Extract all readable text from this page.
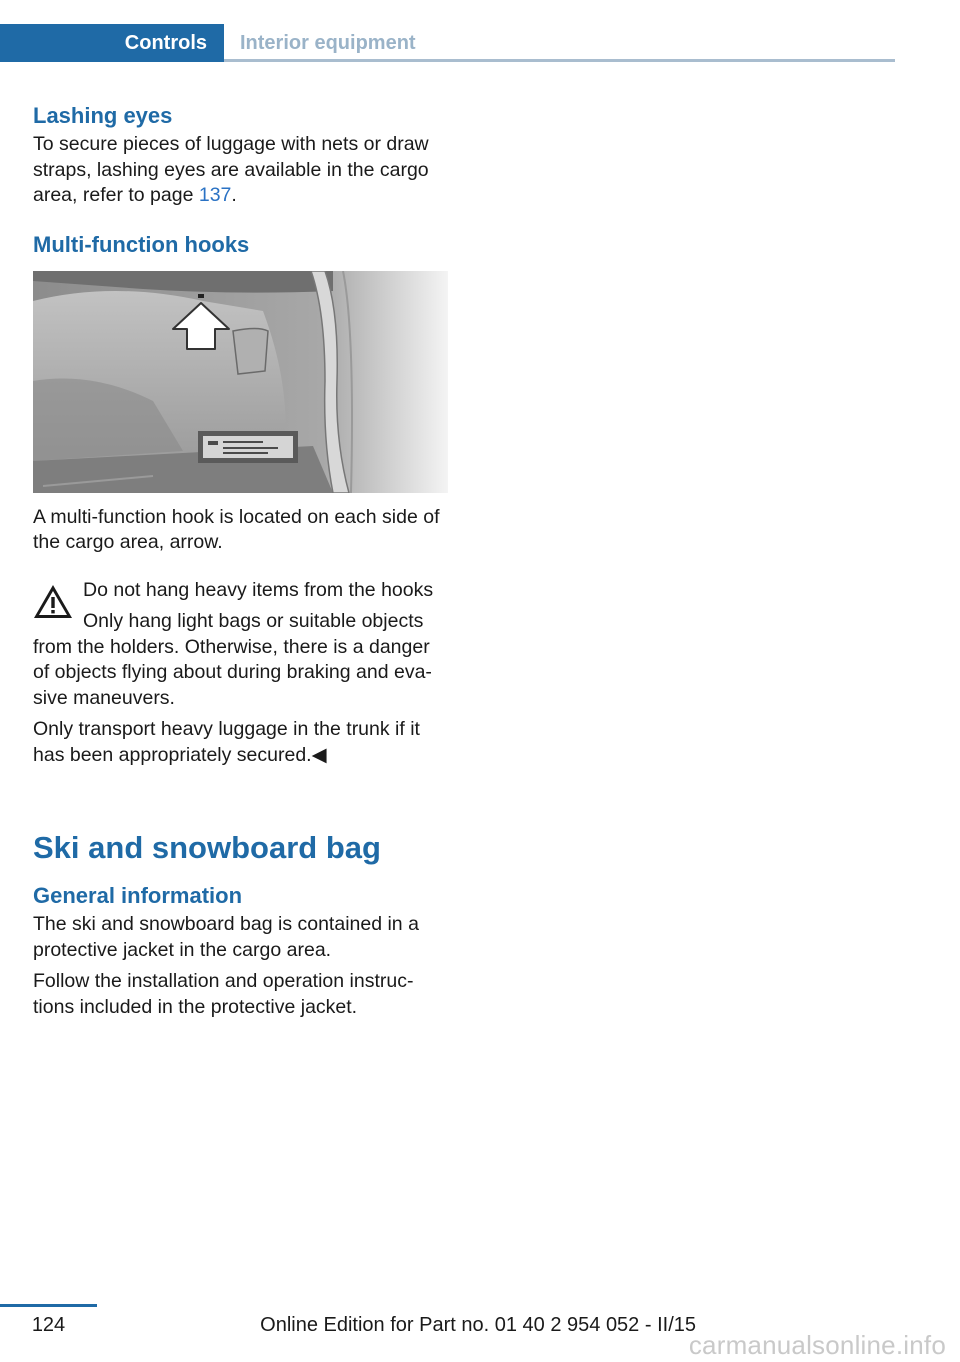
Controls	Interior equipment
Lashing eyes

To secure pieces of luggage with nets or draw straps, lashing eyes are available in the cargo area, refer to page 137.

Multi-function hooks

A multi-function hook is located on each side of the cargo area, arrow.

Do not hang heavy items from the hooks

Only hang light bags or suitable objects from the holders. Otherwise, there is a danger of objects flying about during braking and eva-sive maneuvers.

Only transport heavy luggage in the trunk if it has been appropriately secured.◀

Ski and snowboard bag
General information

The ski and snowboard bag is contained in a protective jacket in the cargo area.

Follow the installation and operation instruc-tions included in the protective jacket.

124	Online Edition for Part no. 01 40 2 954 052 - II/15
carmanualsonline.info
